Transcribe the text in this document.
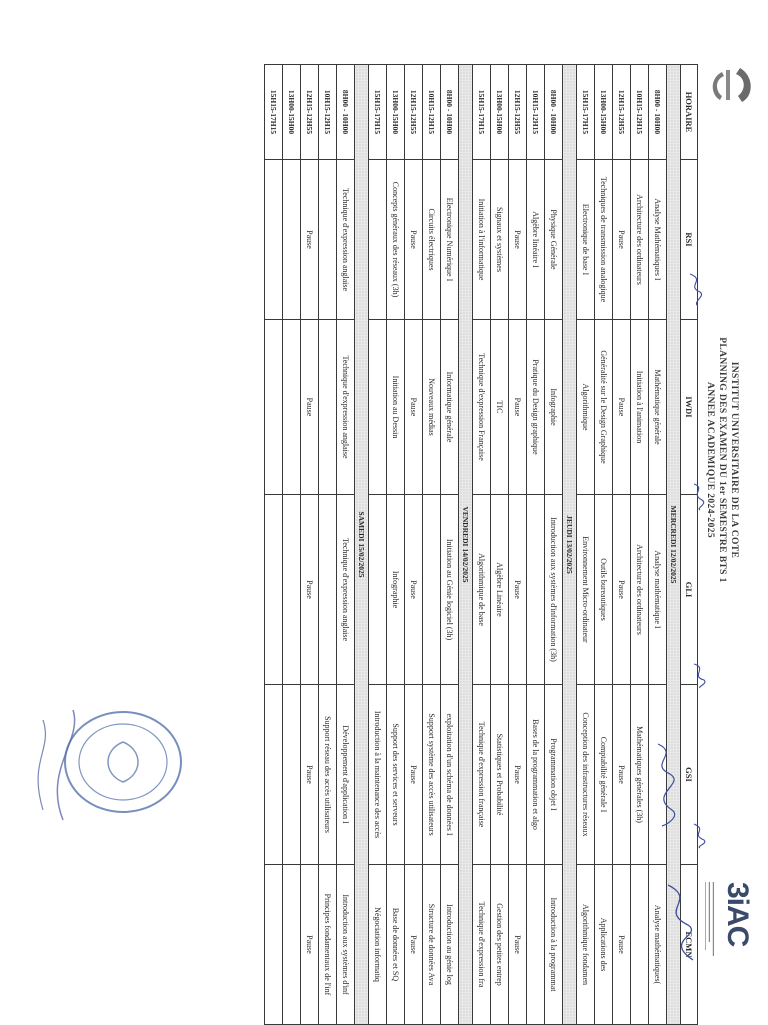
INSTITUT UNIVERSITAIRE DE LA COTE
PLANNING DES EXAMEN DU 1er SEMESTRE BTS 1
ANNEE ACADEMIQUE 2024-2025
3iAC
HORAIRE	RSI	IWDI	GLI	GSI	ECMN
MERCREDI 12/02/2025					
8H00 - 10H00	Analyse Mathématiques I	Mathématique générale	Analyse mathématique I		Analyse mathématiques(
10H15-12H15	Architecture des ordinateurs	Initiation à l'animation	Architecture des ordinateurs	Mathématiques générales (3h)	
12H15-12H55	Pause	Pause	Pause	Pause	Pause
13H00-15H00	Techniques de transmission analogique	Généralité sur le Design Graphique	Outils bureautiques	Comptabilité générale I	Applications des
15H15-17H15	Electronique de base I	Algorithmique	Environnement Micro-ordinateur	Conception des infrastructures réseaux	Algorithmique fondamen
JEUDI 13/02/2025					
8H00 - 10H00	Physique Générale	Infographie	Introduction aux systèmes d'information (3h)	Programmation objet I	Introduction à la programmat
10H15-12H15	Algèbre linéaire I	Pratique du Design graphique		Bases de la programmation et algo	
12H15-12H55	Pause	Pause	Pause	Pause	Pause
13H00-15H00	Signaux et systèmes	TIC	Algèbre Linéaire	Statistiques et Probabilité	Gestion des petites entrep
15H15-17H15	Initiation à l'informatique	Technique d'expression Française	Algorithmique de base	Technique d'expression française	Technique d'expression fra
VENDREDI 14/02/2025					
8H00 - 10H00	Electronique Numérique I	Informatique générale	Initiation au Génie logiciel (3h)	exploitation d'un schéma de données I	Introduction au génie log
10H15-12H15	Circuits électriques	Nouveaux médias		Support système des accès utilisateurs	Structure de données Ava
12H15-12H55	Pause	Pause	Pause	Pause	Pause
13H00-15H00	Concepts généraux des réseaux (3h)	Initiation au Dessin	Infographie	Support des services et serveurs	Base de données et SQ
15H15-17H15				Introduction à la maintenance des accès	Négociation informatiq
SAMEDI 15/02/2025					
8H00 - 10H00	Technique d'expression anglaise	Technique d'expression anglaise	Technique d'expression anglaise	Développement d'application I	Introduction aux systèmes d'inf
10H15-12H15				Support réseau des accès utilisateurs	Principes fondamentaux de l'inf
12H15-12H55	Pause	Pause	Pause	Pause	Pause
13H00-15H00					
15H15-17H15					
